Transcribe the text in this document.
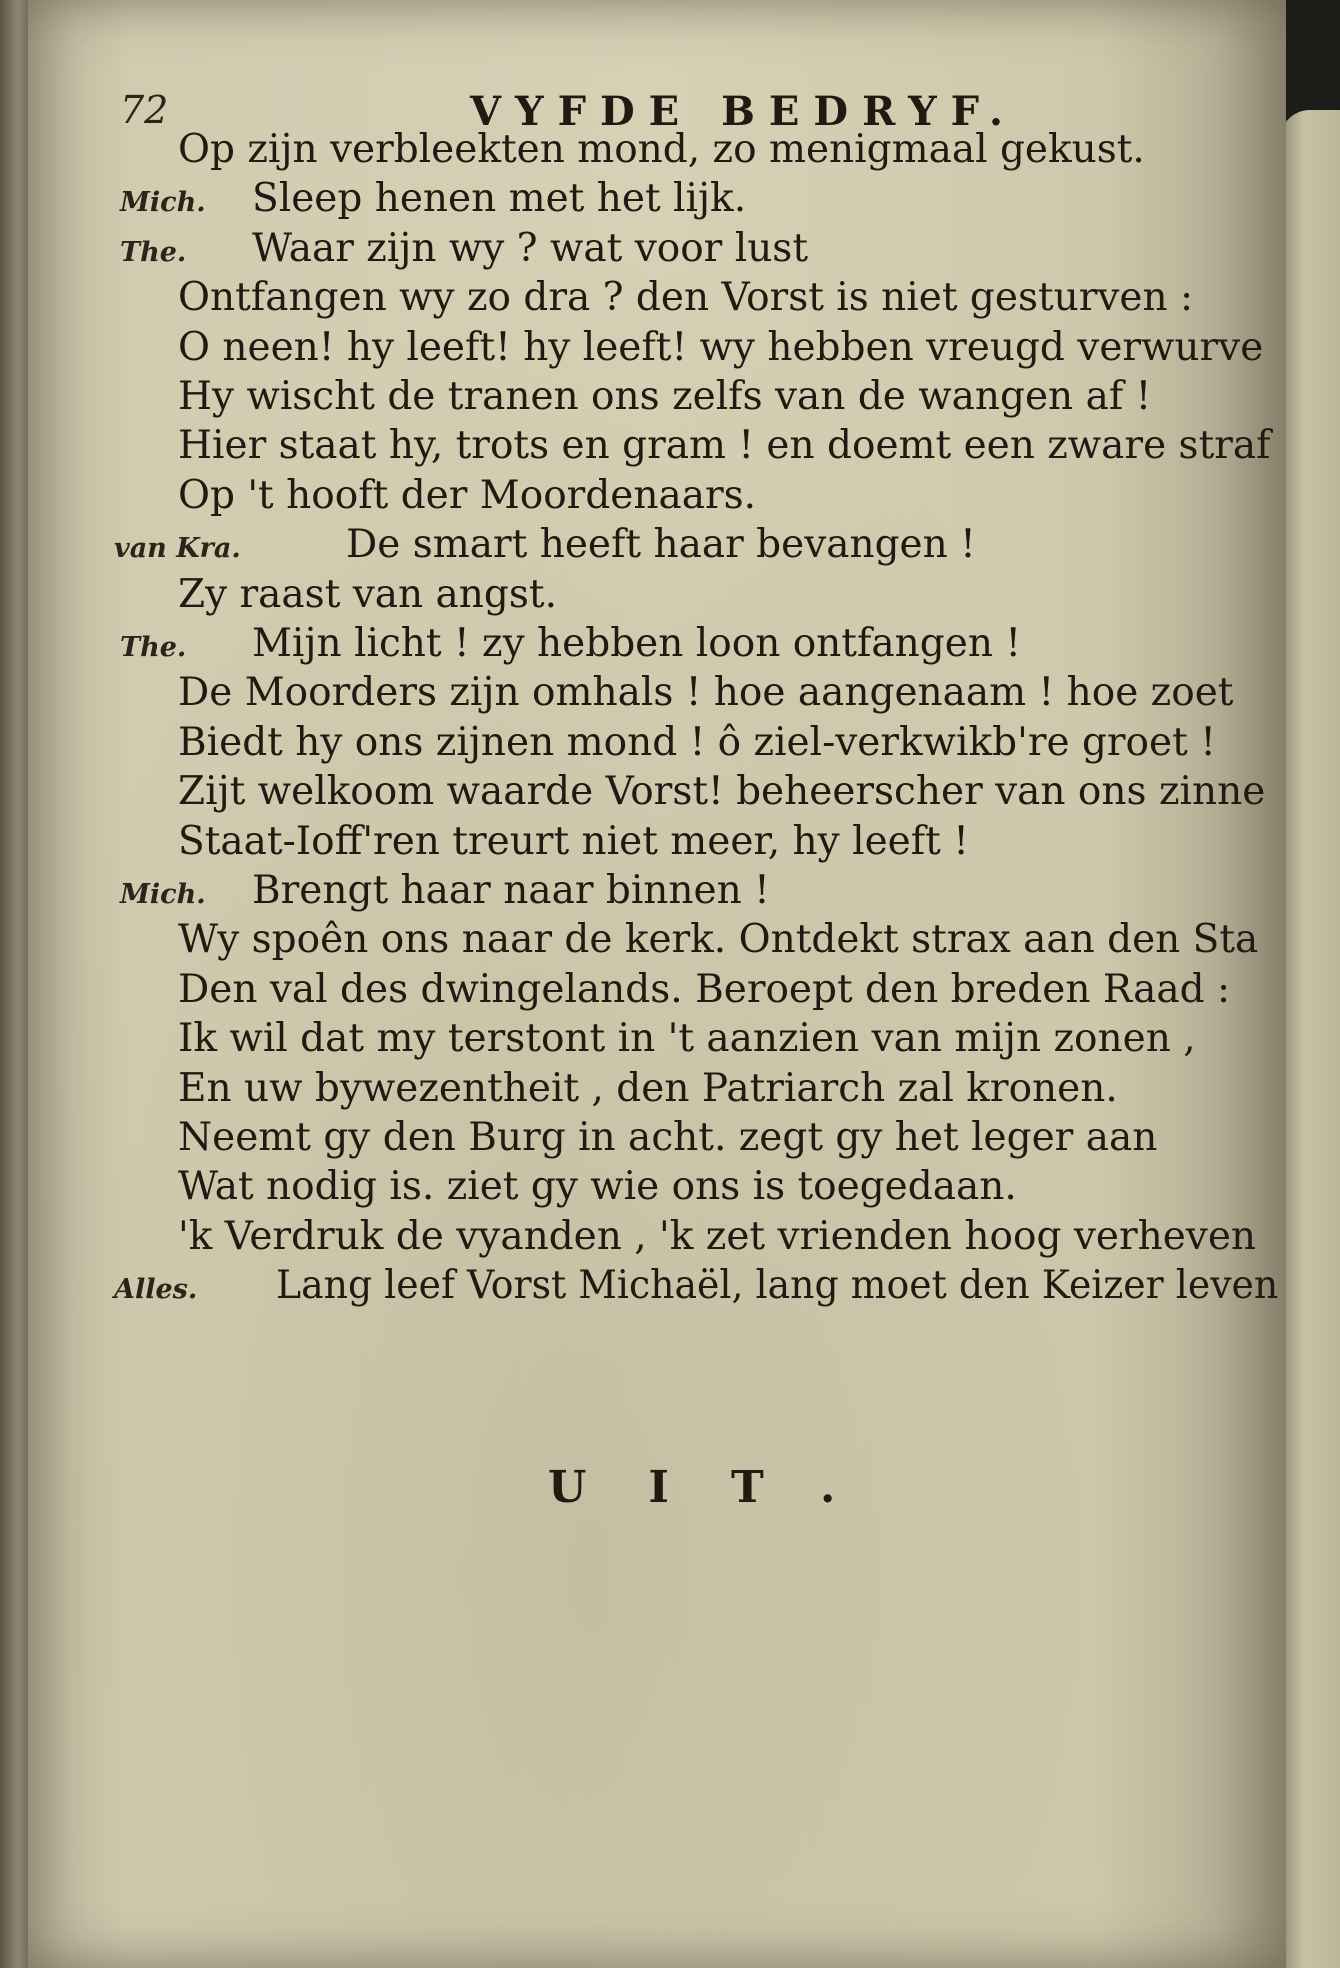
72	VYFDE BEDRYF.
Op zijn verbleekten mond, zo menigmaal gekust.
Mich. Sleep henen met het lijk.
The. Waar zijn wy ? wat voor lust
Ontfangen wy zo dra ? den Vorst is niet gesturven :
O neen! hy leeft! hy leeft! wy hebben vreugd verwurve
Hy wischt de tranen ons zelfs van de wangen af !
Hier staat hy, trots en gram ! en doemt een zware straf
Op 't hooft der Moordenaars.
van Kra.	De smart heeft haar bevangen !
Zy raast van angst.
The. Mijn licht ! zy hebben loon ontfangen !
De Moorders zijn omhals ! hoe aangenaam ! hoe zoet
Biedt hy ons zijnen mond ! ô ziel-verkwikb're groet !
Zijt welkoom waarde Vorst! beheerscher van ons zinne
Staat-Ioff'ren treurt niet meer, hy leeft !
Mich. Brengt haar naar binnen !
Wy spoên ons naar de kerk. Ontdekt strax aan den Sta
Den val des dwingelands. Beroept den breden Raad :
Ik wil dat my terstont in 't aanzien van mijn zonen ,
En uw bywezentheit , den Patriarch zal kronen.
Neemt gy den Burg in acht. zegt gy het leger aan
Wat nodig is. ziet gy wie ons is toegedaan.
'k Verdruk de vyanden , 'k zet vrienden hoog verheven
Alles. Lang leef Vorst Michaël, lang moet den Keizer leven
UIT.
